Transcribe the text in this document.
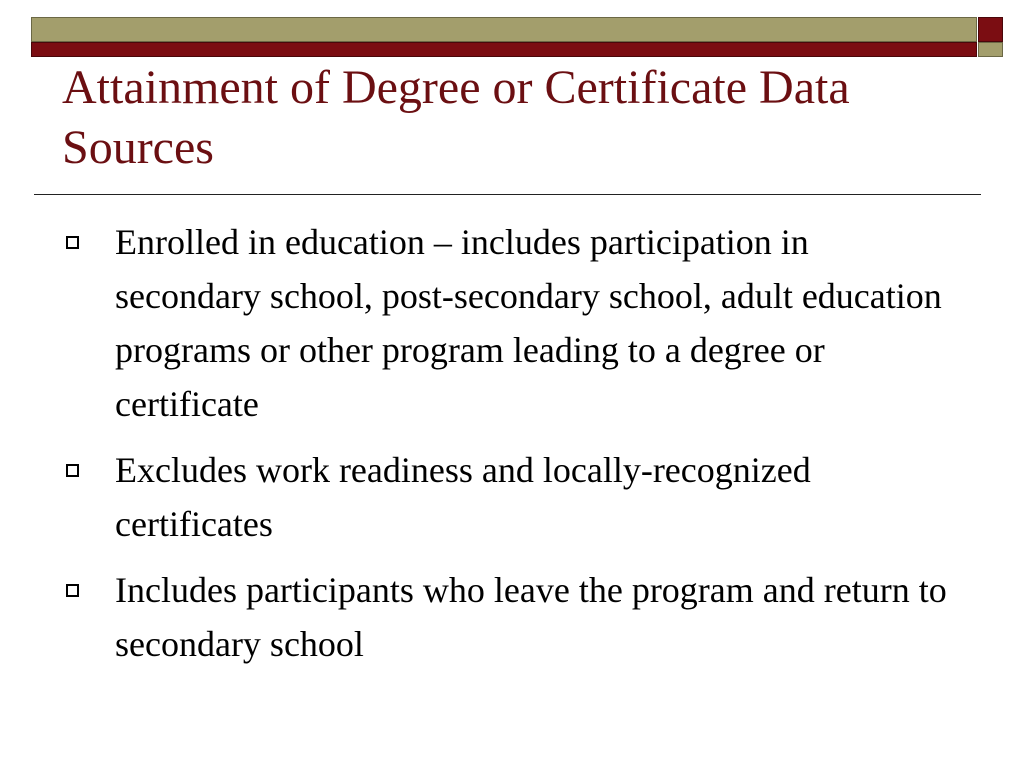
Attainment of Degree or Certificate Data Sources
Enrolled in education – includes participation in secondary school, post-secondary school, adult education programs or other program leading to a degree or certificate
Excludes work readiness and locally-recognized certificates
Includes participants who leave the program and return to secondary school
